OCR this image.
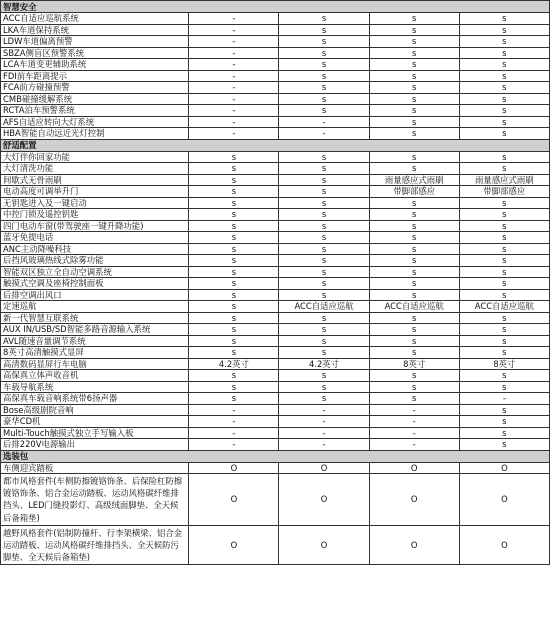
智慧安全				
ACC自适应巡航系统	-	s	s	s
LKA车道保持系统	-	s	s	s
LDW车道偏离预警	-	s	s	s
SBZA侧盲区预警系统	-	s	s	s
LCA车道变更辅助系统	-	s	s	s
FDI前车距离提示	-	s	s	s
FCA前方碰撞预警	-	s	s	s
CMB碰撞缓解系统	-	s	s	s
RCTA泊车预警系统	-	s	s	s
AFS自适应转向大灯系统	-	-	s	s
HBA智能自动远近光灯控制	-	-	s	s
舒适配置				
大灯伴你回家功能	s	s	s	s
大灯清洗功能	s	s	s	s
间歇式无骨雨刷	s	s	雨量感应式雨刷	雨量感应式雨刷
电动高度可调举升门	s	s	带脚部感应	带脚部感应
无钥匙进入及一键启动	s	s	s	s
中控门锁及遥控钥匙	s	s	s	s
四门电动车窗(带驾驶座一键升降功能)	s	s	s	s
蓝牙免提电话	s	s	s	s
ANC主动降噪科技	s	s	s	s
后挡风玻璃热线式除雾功能	s	s	s	s
智能双区独立全自动空调系统	s	s	s	s
触摸式空调及座椅控制面板	s	s	s	s
后排空调出风口	s	s	s	s
定速巡航	s	ACC自适应巡航	ACC自适应巡航	ACC自适应巡航
新一代智慧互联系统	s	s	s	s
AUX IN/USB/SD智能多路音源输入系统	s	s	s	s
AVL随速音量调节系统	s	s	s	s
8英寸高清触摸式显屏	s	s	s	s
高清数码显屏行车电脑	4.2英寸	4.2英寸	8英寸	8英寸
高保真立体声收音机	s	s	s	s
车载导航系统	s	s	s	s
高保真车载音响系统带6扬声器	s	s	s	-
Bose高级剧院音响	-	-	-	s
豪华CD机	-	-	-	s
Multi-Touch触摸式独立手写输入板	-	-	-	s
后排220V电源输出	-	-	-	s
选装包				
车侧迎宾踏板	O	O	O	O
都市风格套件(车侧防擦镀铬饰条、后保险杠防擦镀铬饰条、铝合金运动踏板、运动风格碳纤维排挡头、LED门缝投影灯、高级绒面脚垫、全天候后备箱垫)	O	O	O	O
越野风格套件(铝制防撞杆、行李架横梁、铝合金运动踏板、运动风格碳纤维排挡头、全天候防污脚垫、全天候后备箱垫)	O	O	O	O
